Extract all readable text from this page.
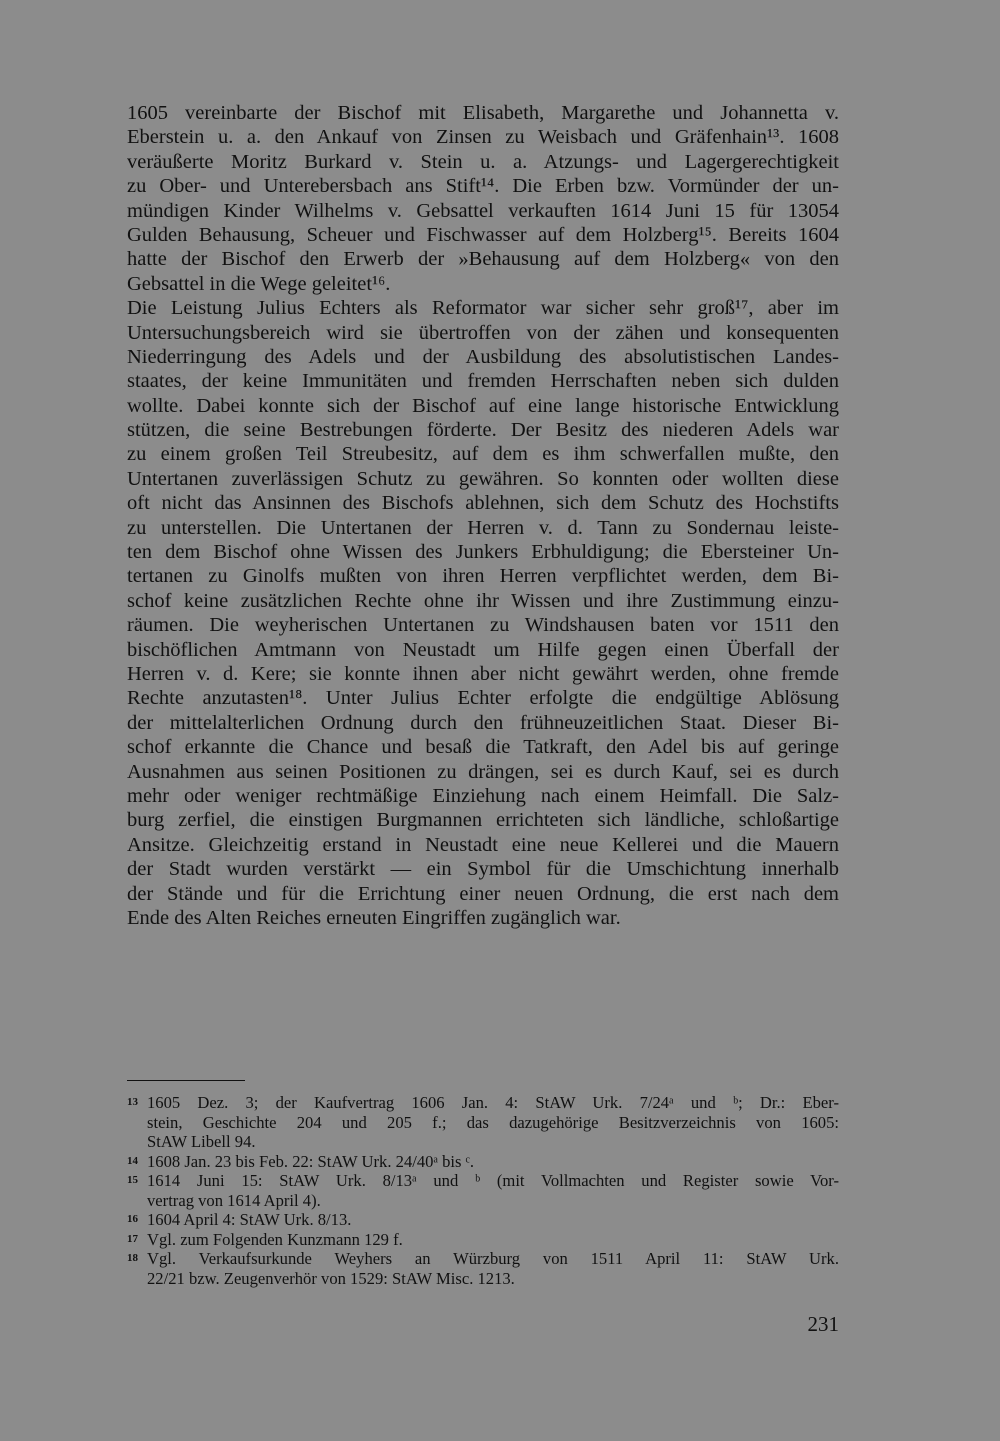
1605 vereinbarte der Bischof mit Elisabeth, Margarethe und Johannetta v.
Eberstein u. a. den Ankauf von Zinsen zu Weisbach und Gräfenhain¹³. 1608
veräußerte Moritz Burkard v. Stein u. a. Atzungs- und Lagergerechtigkeit
zu Ober- und Unterebersbach ans Stift¹⁴. Die Erben bzw. Vormünder der un-
mündigen Kinder Wilhelms v. Gebsattel verkauften 1614 Juni 15 für 13054
Gulden Behausung, Scheuer und Fischwasser auf dem Holzberg¹⁵. Bereits 1604
hatte der Bischof den Erwerb der »Behausung auf dem Holzberg« von den
Gebsattel in die Wege geleitet¹⁶.
Die Leistung Julius Echters als Reformator war sicher sehr groß¹⁷, aber im
Untersuchungsbereich wird sie übertroffen von der zähen und konsequenten
Niederringung des Adels und der Ausbildung des absolutistischen Landes-
staates, der keine Immunitäten und fremden Herrschaften neben sich dulden
wollte. Dabei konnte sich der Bischof auf eine lange historische Entwicklung
stützen, die seine Bestrebungen förderte. Der Besitz des niederen Adels war
zu einem großen Teil Streubesitz, auf dem es ihm schwerfallen mußte, den
Untertanen zuverlässigen Schutz zu gewähren. So konnten oder wollten diese
oft nicht das Ansinnen des Bischofs ablehnen, sich dem Schutz des Hochstifts
zu unterstellen. Die Untertanen der Herren v. d. Tann zu Sondernau leiste-
ten dem Bischof ohne Wissen des Junkers Erbhuldigung; die Ebersteiner Un-
tertanen zu Ginolfs mußten von ihren Herren verpflichtet werden, dem Bi-
schof keine zusätzlichen Rechte ohne ihr Wissen und ihre Zustimmung einzu-
räumen. Die weyherischen Untertanen zu Windshausen baten vor 1511 den
bischöflichen Amtmann von Neustadt um Hilfe gegen einen Überfall der
Herren v. d. Kere; sie konnte ihnen aber nicht gewährt werden, ohne fremde
Rechte anzutasten¹⁸. Unter Julius Echter erfolgte die endgültige Ablösung
der mittelalterlichen Ordnung durch den frühneuzeitlichen Staat. Dieser Bi-
schof erkannte die Chance und besaß die Tatkraft, den Adel bis auf geringe
Ausnahmen aus seinen Positionen zu drängen, sei es durch Kauf, sei es durch
mehr oder weniger rechtmäßige Einziehung nach einem Heimfall. Die Salz-
burg zerfiel, die einstigen Burgmannen errichteten sich ländliche, schloßartige
Ansitze. Gleichzeitig erstand in Neustadt eine neue Kellerei und die Mauern
der Stadt wurden verstärkt — ein Symbol für die Umschichtung innerhalb
der Stände und für die Errichtung einer neuen Ordnung, die erst nach dem
Ende des Alten Reiches erneuten Eingriffen zugänglich war.
13 1605 Dez. 3; der Kaufvertrag 1606 Jan. 4: StAW Urk. 7/24ᵃ und ᵇ; Dr.: Eber-
stein, Geschichte 204 und 205 f.; das dazugehörige Besitzverzeichnis von 1605:
StAW Libell 94.
14 1608 Jan. 23 bis Feb. 22: StAW Urk. 24/40ᵃ bis ᶜ.
15 1614 Juni 15: StAW Urk. 8/13ᵃ und ᵇ (mit Vollmachten und Register sowie Vor-
vertrag von 1614 April 4).
16 1604 April 4: StAW Urk. 8/13.
17 Vgl. zum Folgenden Kunzmann 129 f.
18 Vgl. Verkaufsurkunde Weyhers an Würzburg von 1511 April 11: StAW Urk.
22/21 bzw. Zeugenverhör von 1529: StAW Misc. 1213.
231
